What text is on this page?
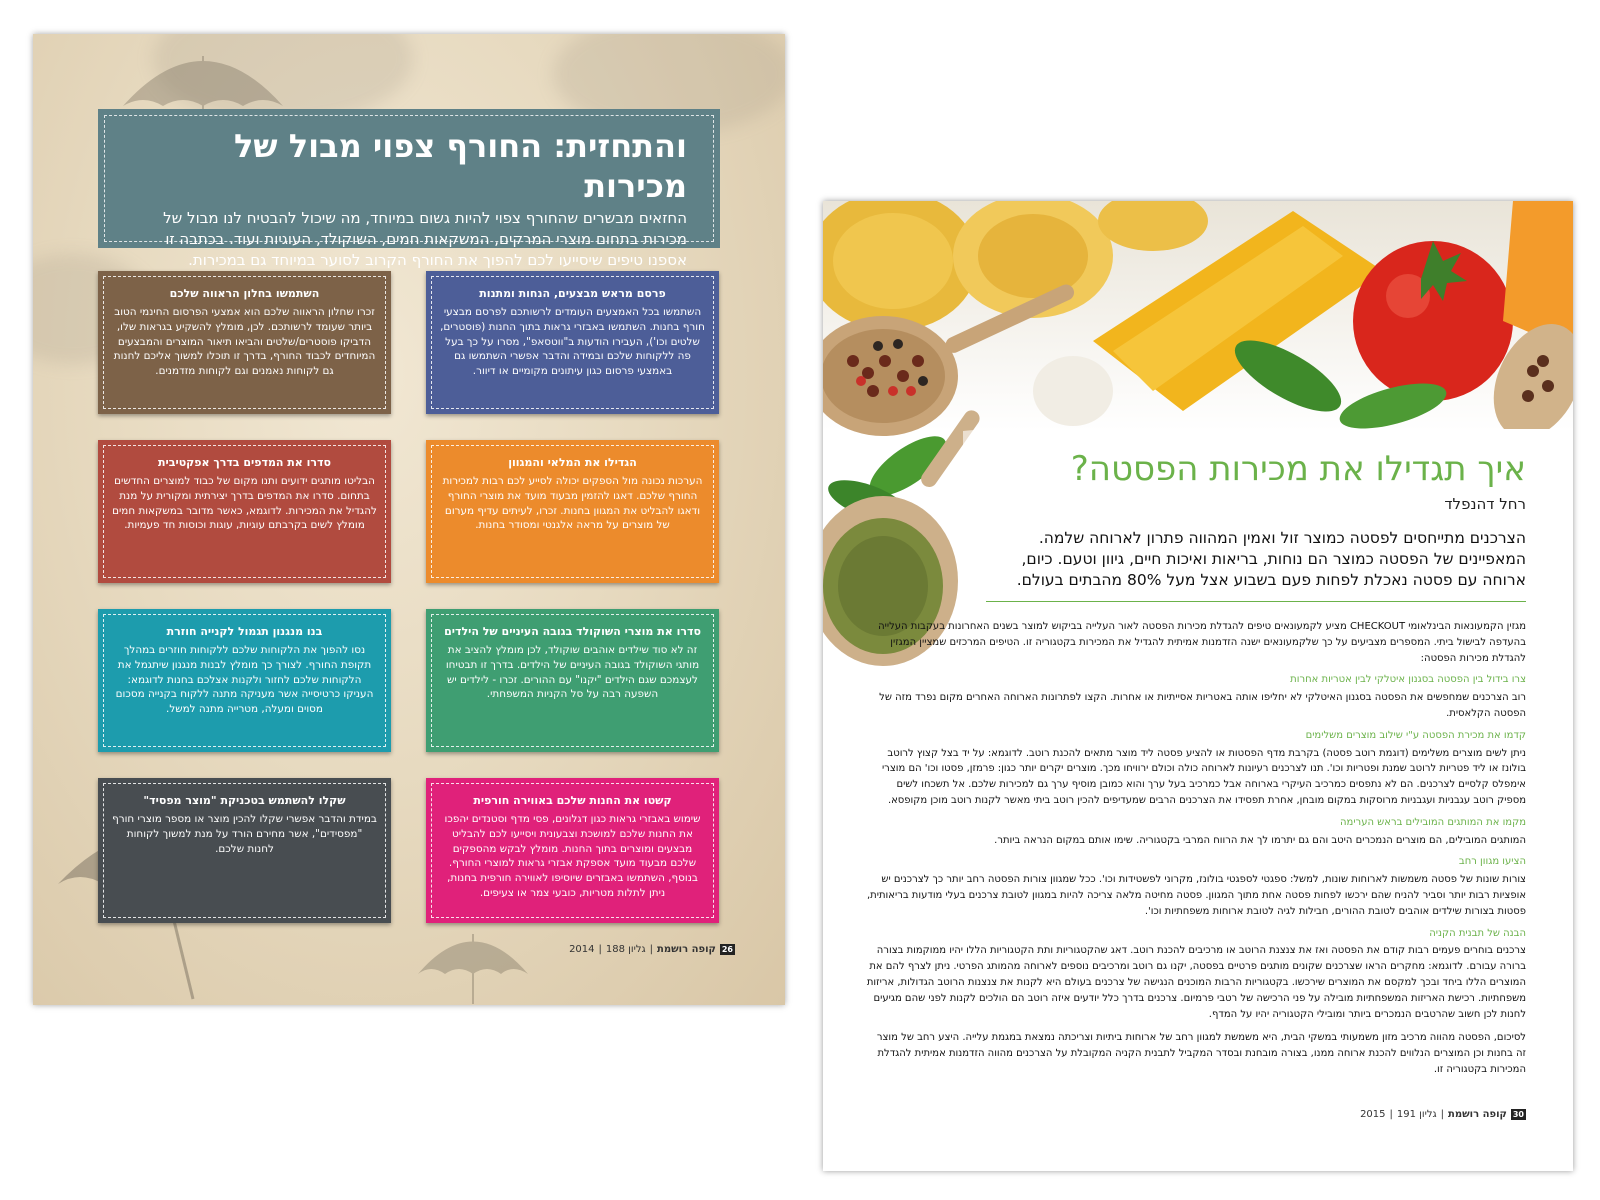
והתחזית: החורף צפוי מבול של מכירות

החזאים מבשרים שהחורף צפוי להיות גשום במיוחד, מה שיכול להבטיח לנו מבול של מכירות בתחום מוצרי המרקים, המשקאות חמים, השוקולד, העוגיות ועוד. בכתבה זו אספנו טיפים שיסייעו לכם להפוך את החורף הקרוב לסוער במיוחד גם במכירות.

פרסם מראש מבצעים, הנחות ומתנות

השתמשו בכל האמצעים העומדים לרשותכם לפרסם מבצעי חורף בחנות. השתמשו באבזרי גראות בתוך החנות (פוסטרים, שלטים וכו'), העבירו הודעות ב"ווטסאפ", מסרו על כך בעל פה ללקוחות שלכם ובמידה והדבר אפשרי השתמשו גם באמצעי פרסום כגון עיתונים מקומיים או דיוור.

השתמשו בחלון הראווה שלכם

זכרו שחלון הראווה שלכם הוא אמצעי הפרסום החינמי הטוב ביותר שעומד לרשותכם. לכן, מומלץ להשקיע בגראות שלו, הדביקו פוסטרים/שלטים והביאו תיאור המוצרים והמבצעים המיוחדים לכבוד החורף, בדרך זו תוכלו למשוך אליכם לחנות גם לקוחות נאמנים וגם לקוחות מזדמנים.

הגדילו את המלאי והמגוון

הערכות נכונה מול הספקים יכולה לסייע לכם רבות למכירות החורף שלכם. דאגו להזמין מבעוד מועד את מוצרי החורף ודאגו להבליט את המגוון בחנות. זכרו, לעיתים עדיף מערום של מוצרים על מראה אלגנטי ומסודר בחנות.

סדרו את המדפים בדרך אפקטיבית

הבליטו מותגים ידועים ותנו מקום של כבוד למוצרים החדשים בתחום. סדרו את המדפים בדרך יצירתית ומקורית על מנת להגדיל את המכירות. לדוגמא, כאשר מדובר במשקאות חמים מומלץ לשים בקרבתם עוגיות, עוגות וכוסות חד פעמיות.

סדרו את מוצרי השוקולד בגובה העיניים של הילדים

זה לא סוד שילדים אוהבים שוקולד, לכן מומלץ להציב את מותגי השוקולד בגובה העיניים של הילדים. בדרך זו תבטיחו לעצמכם שגם הילדים "יקנו" עם ההורים. זכרו - לילדים יש השפעה רבה על סל הקניות המשפחתי.

בנו מנגנון תגמול לקנייה חוזרת

נסו להפוך את הלקוחות שלכם ללקוחות חוזרים במהלך תקופת החורף. לצורך כך מומלץ לבנות מנגנון שיתגמל את הלקוחות שלכם לחזור ולקנות אצלכם בחנות לדוגמא: העניקו כרטיסייה אשר מעניקה מתנה ללקוח בקנייה מסכום מסוים ומעלה, מטרייה מתנה למשל.

קשטו את החנות שלכם באווירה חורפית

שימוש באבזרי גראות כגון דגלונים, פסי מדף וסטנדים יהפכו את החנות שלכם למושכת וצבעונית ויסייעו לכם להבליט מבצעים ומוצרים בתוך החנות. מומלץ לבקש מהספקים שלכם מבעוד מועד אספקת אבזרי גראות למוצרי החורף. בנוסף, השתמשו באבזרים שיוסיפו לאווירה חורפית בחנות, ניתן לתלות מטריות, כובעי צמר או צעיפים.

שקלו להשתמש בטכניקת "מוצר מפסיד"

במידת והדבר אפשרי שקלו להכין מוצר או מספר מוצרי חורף "מפסידים", אשר מחירם הורד על מנת למשוך לקוחות לחנות שלכם.

26
קופה רושמת
|
גליון 188
|
2014
איך תגדילו את מכירות הפסטה?

רחל דהנפלד

הצרכנים מתייחסים לפסטה כמוצר זול ואמין המהווה פתרון לארוחה שלמה. המאפיינים של הפסטה כמוצר הם נוחות, בריאות ואיכות חיים, גיוון וטעם. כיום, ארוחה עם פסטה נאכלת לפחות פעם בשבוע אצל מעל 80% מהבתים בעולם.

מגזין הקמעונאות הבינלאומי CHECKOUT מציע לקמעונאים טיפים להגדלת מכירות הפסטה לאור העלייה בביקוש למוצר בשנים האחרונות בעקבות העלייה בהעדפה לבישול ביתי. המספרים מצביעים על כך שלקמעונאים ישנה הזדמנות אמיתית להגדיל את המכירות בקטגוריה זו. הטיפים המרכזים שמציין המגזין להגדלת מכירות הפסטה:

צרו בידול בין הפסטה בסגנון איטלקי לבין אטריות אחרות

רוב הצרכנים שמחפשים את הפסטה בסגנון האיטלקי לא יחליפו אותה באטריות אסייתיות או אחרות. הקצו לפתרונות הארוחה האחרים מקום נפרד מזה של הפסטה הקלאסית.

קדמו את מכירת הפסטה ע"י שילוב מוצרים משלימים

ניתן לשים מוצרים משלימים (דוגמת רוטב פסטה) בקרבת מדף הפסטות או להציע פסטה ליד מוצר מתאים להכנת רוטב. לדוגמא: על יד בצל קצוץ לרוטב בולונז או ליד פטריות לרוטב שמנת ופטריות וכו'. תנו לצרכנים רעיונות לארוחה כולה וכולם ירוויחו מכך. מוצרים יקרים יותר כגון: פרמזן, פסטו וכו' הם מוצרי אימפלס קלסיים לצרכנים. הם לא נתפסים כמרכיב העיקרי בארוחה אבל כמרכיב בעל ערך והוא כמובן מוסיף ערך גם למכירות שלכם. אל תשכחו לשים מספיק רוטב עגבניות ועגבניות מרוסקות במקום מובחן, אחרת תפסידו את הצרכנים הרבים שמעדיפים להכין רוטב ביתי מאשר לקנות רוטב מוכן מקופסא.

מקמו את המותגים המובילים בראש הערימה

המותגים המובילים, הם מוצרים הנמכרים היטב והם גם יתרמו לך את הרווח המרבי בקטגוריה. שימו אותם במקום הנראה ביותר.

הציעו מגוון רחב

צורות שונות של פסטה משמשות לארוחות שונות, למשל: ספגטי לספגטי בולונז, מקרוני לפשטידות וכו'. ככל שמגוון צורות הפסטה רחב יותר כך לצרכנים יש אופציות רבות יותר וסביר להניח שהם ירכשו לפחות פסטה אחת מתוך המגוון. פסטה מחיטה מלאה צריכה להיות במגוון לטובת צרכנים בעלי מודעות בריאותית, פסטות בצורות שילדים אוהבים לטובת ההורים, חבילות לגיה לטובת ארוחות משפחתיות וכו'.

הבנה של תבנית הקניה

צרכנים בוחרים פעמים רבות קודם את הפסטה ואז את צנצנת הרוטב או מרכיבים להכנת רוטב. דאג שהקטגוריות ותת הקטגוריות הללו יהיו ממוקמות בצורה ברורה עבורם. לדוגמא: מחקרים הראו שצרכנים שקונים מותגים פרטיים בפסטה, יקנו גם רוטב ומרכיבים נוספים לארוחה מהמותג הפרטי. ניתן לצרף להם את המוצרים הללו ביחד ובכך למקסם את המוצרים שירכשו. בקטגוריות הרבות המוכנים הנגישה של צרכנים בעולם היא לקנות את צנצנות הרוטב הגדולות, אריזות משפחתיות. רכישת האריזות המשפחתיות מובילה על פני הרכישה של רטבי פרמיום. צרכנים בדרך כלל יודעים איזה רוטב הם הולכים לקנות לפני שהם מגיעים לחנות לכן חשוב שהרטבים הנמכרים ביותר ומובילי הקטגוריה יהיו על המדף.

לסיכום, הפסטה מהווה מרכיב מזון משמעותי במשקי הבית, היא משמשת למגוון רחב של ארוחות ביתיות וצריכתה נמצאת במגמת עלייה. היצע רחב של מוצר זה בחנות וכן המוצרים הנלווים להכנת ארוחה ממנו, בצורה מובחנת ובסדר המקביל לתבנית הקניה המקובלת על הצרכנים מהווה הזדמנות אמיתית להגדלת המכירות בקטגוריה זו.

30
קופה רושמת
|
גליון 191
|
2015
